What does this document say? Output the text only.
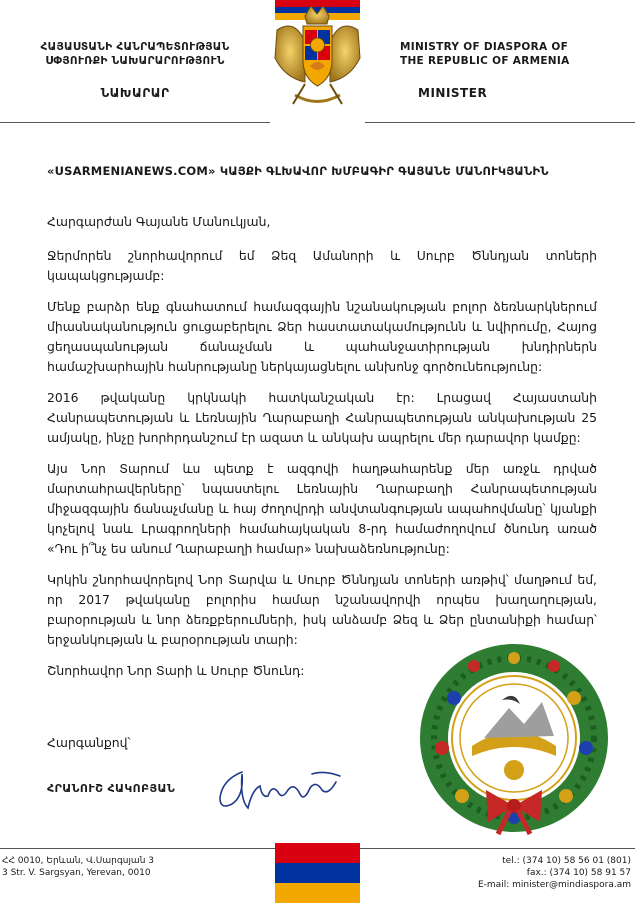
ՀԱՅԱՍՏԱՆԻ ՀԱՆՐԱՊԵՏՈՒԹՅԱՆ
ՍՓՅՈՒՌՔԻ ՆԱԽԱՐԱՐՈՒԹՅՈՒՆ
ՆԱԽԱՐԱՐ
MINISTRY OF DIASPORA OF
THE REPUBLIC OF ARMENIA
MINISTER
«USARMENIANEWS.COM» ԿԱՅՔԻ ԳԼԽԱՎՈՐ ԽՄԲԱԳԻՐ ԳԱՅԱՆԵ ՄԱՆՈՒԿՅԱՆԻՆ

Հարգարժան Գայանե Մանուկյան,

Ջերմորեն շնորհավորում եմ Ձեզ Ամանորի և Սուրբ Ծննդյան տոների կապակցությամբ:

Մենք բարձր ենք գնահատում համազգային նշանակության բոլոր ձեռնարկներում միասնականություն ցուցաբերելու Ձեր հաստատակամությունն և նվիրումը, Հայոց ցեղասպանության ճանաչման և պահանջատիրության խնդիրներն համաշխարհային հանրությանը ներկայացնելու անխոնջ գործունեությունը:

2016 թվականը կրկնակի հատկանշական էր: Լրացավ Հայաստանի Հանրապետության և Լեռնային Ղարաբաղի Հանրապետության անկախության 25 ամյակը, ինչը խորհրդանշում էր ազատ և անկախ ապրելու մեր դարավոր կամքը:

Այս Նոր Տարում ևս պետք է ազգովի հաղթահարենք մեր առջև դրված մարտահրավերները՝ նպաստելու Լեռնային Ղարաբաղի Հանրապետության միջազգային ճանաչմանը և հայ ժողովրդի անվտանգության ապահովմանը՝ կյանքի կոչելով նաև Լրագրողների համահայկական 8-րդ համաժողովում ծնունդ առած «Դու ի՞նչ ես անում Ղարաբաղի համար» նախաձեռնությունը:

Կրկին շնորհավորելով Նոր Տարվա և Սուրբ Ծննդյան տոների առթիվ՝ մաղթում եմ, որ 2017 թվականը բոլորիս համար նշանավորվի որպես խաղաղության, բարօրության և նոր ձեռքբերումների, իսկ անձամբ Ձեզ և Ձեր ընտանիքի համար՝ երջանկության և բարօրության տարի:

Շնորհավոր Նոր Տարի և Սուրբ Ծնունդ:

Հարգանքով՝
ՀՐԱՆՈՒՇ ՀԱԿՈԲՅԱՆ
ՀՀ 0010, Երևան, Վ.Սարգսյան 3
3 Str. V. Sargsyan, Yerevan, 0010
tel.: (374 10) 58 56 01 (801)
fax.: (374 10) 58 91 57
E-mail: minister@mindiaspora.am
